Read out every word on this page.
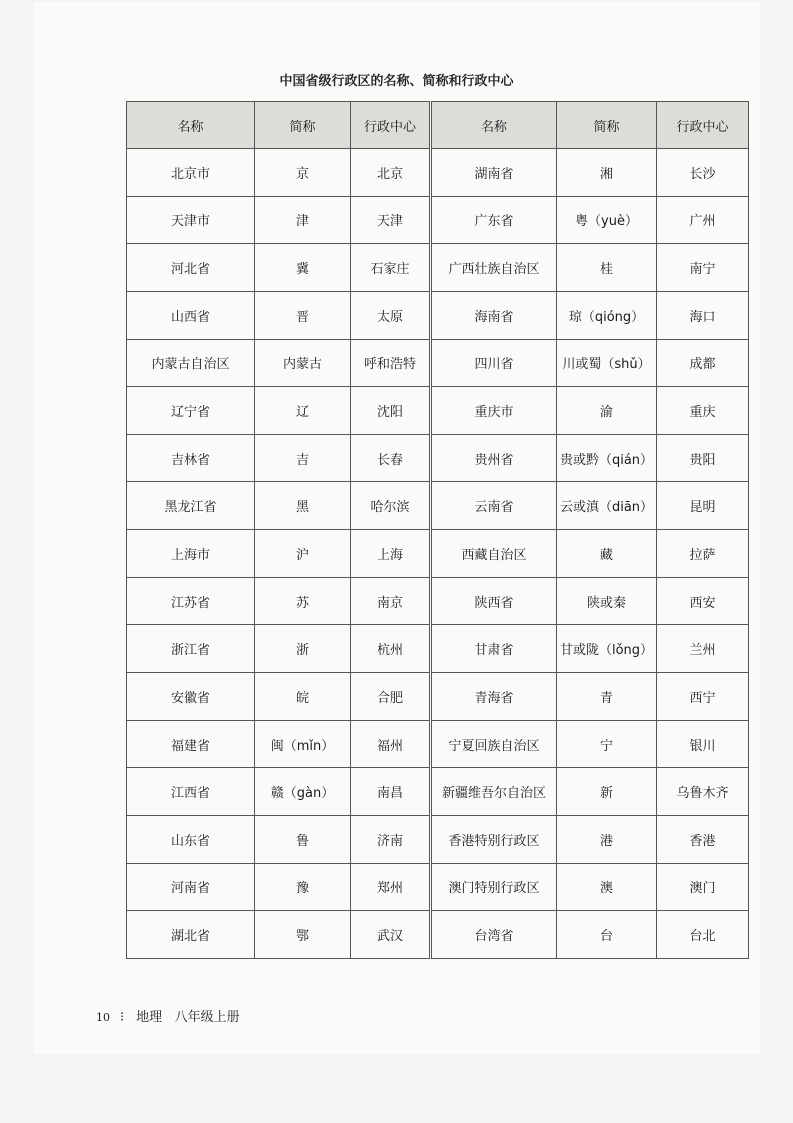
中国省级行政区的名称、简称和行政中心
名称	简称	行政中心	名称	简称	行政中心
北京市	京	北京	湖南省	湘	长沙
天津市	津	天津	广东省	粤（yuè）	广州
河北省	冀	石家庄	广西壮族自治区	桂	南宁
山西省	晋	太原	海南省	琼（qióng）	海口
内蒙古自治区	内蒙古	呼和浩特	四川省	川或蜀（shǔ）	成都
辽宁省	辽	沈阳	重庆市	渝	重庆
吉林省	吉	长春	贵州省	贵或黔（qián）	贵阳
黑龙江省	黑	哈尔滨	云南省	云或滇（diān）	昆明
上海市	沪	上海	西藏自治区	藏	拉萨
江苏省	苏	南京	陕西省	陕或秦	西安
浙江省	浙	杭州	甘肃省	甘或陇（lǒng）	兰州
安徽省	皖	合肥	青海省	青	西宁
福建省	闽（mǐn）	福州	宁夏回族自治区	宁	银川
江西省	赣（gàn）	南昌	新疆维吾尔自治区	新	乌鲁木齐
山东省	鲁	济南	香港特别行政区	港	香港
河南省	豫	郑州	澳门特别行政区	澳	澳门
湖北省	鄂	武汉	台湾省	台	台北
10 ⁝ 地理 八年级上册
